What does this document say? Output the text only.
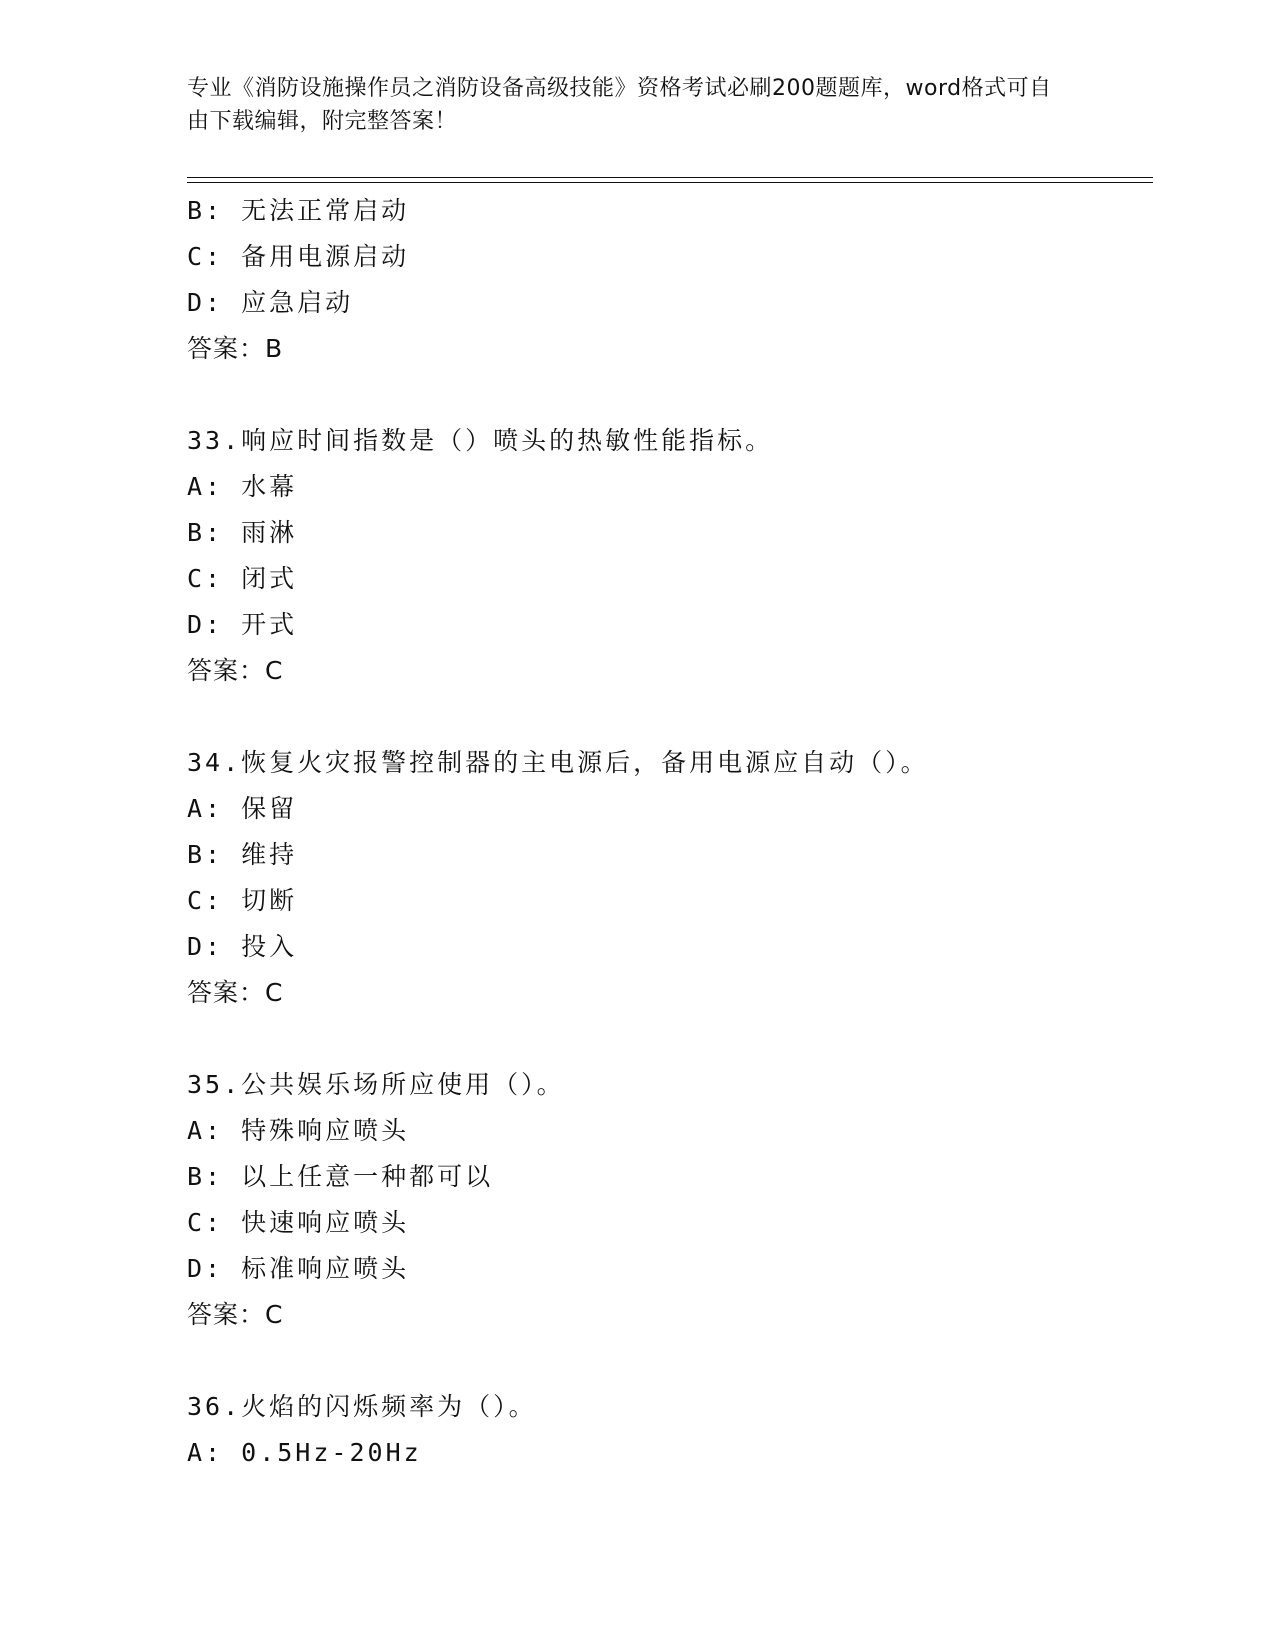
专业《消防设施操作员之消防设备高级技能》资格考试必刷200题题库，word格式可自由下载编辑，附完整答案！
B: 无法正常启动
C: 备用电源启动
D: 应急启动
答案：B
33.响应时间指数是（）喷头的热敏性能指标。
A: 水幕
B: 雨淋
C: 闭式
D: 开式
答案：C
34.恢复火灾报警控制器的主电源后，备用电源应自动（）。
A: 保留
B: 维持
C: 切断
D: 投入
答案：C
35.公共娱乐场所应使用（）。
A: 特殊响应喷头
B: 以上任意一种都可以
C: 快速响应喷头
D: 标准响应喷头
答案：C
36.火焰的闪烁频率为（）。
A: 0.5Hz-20Hz
